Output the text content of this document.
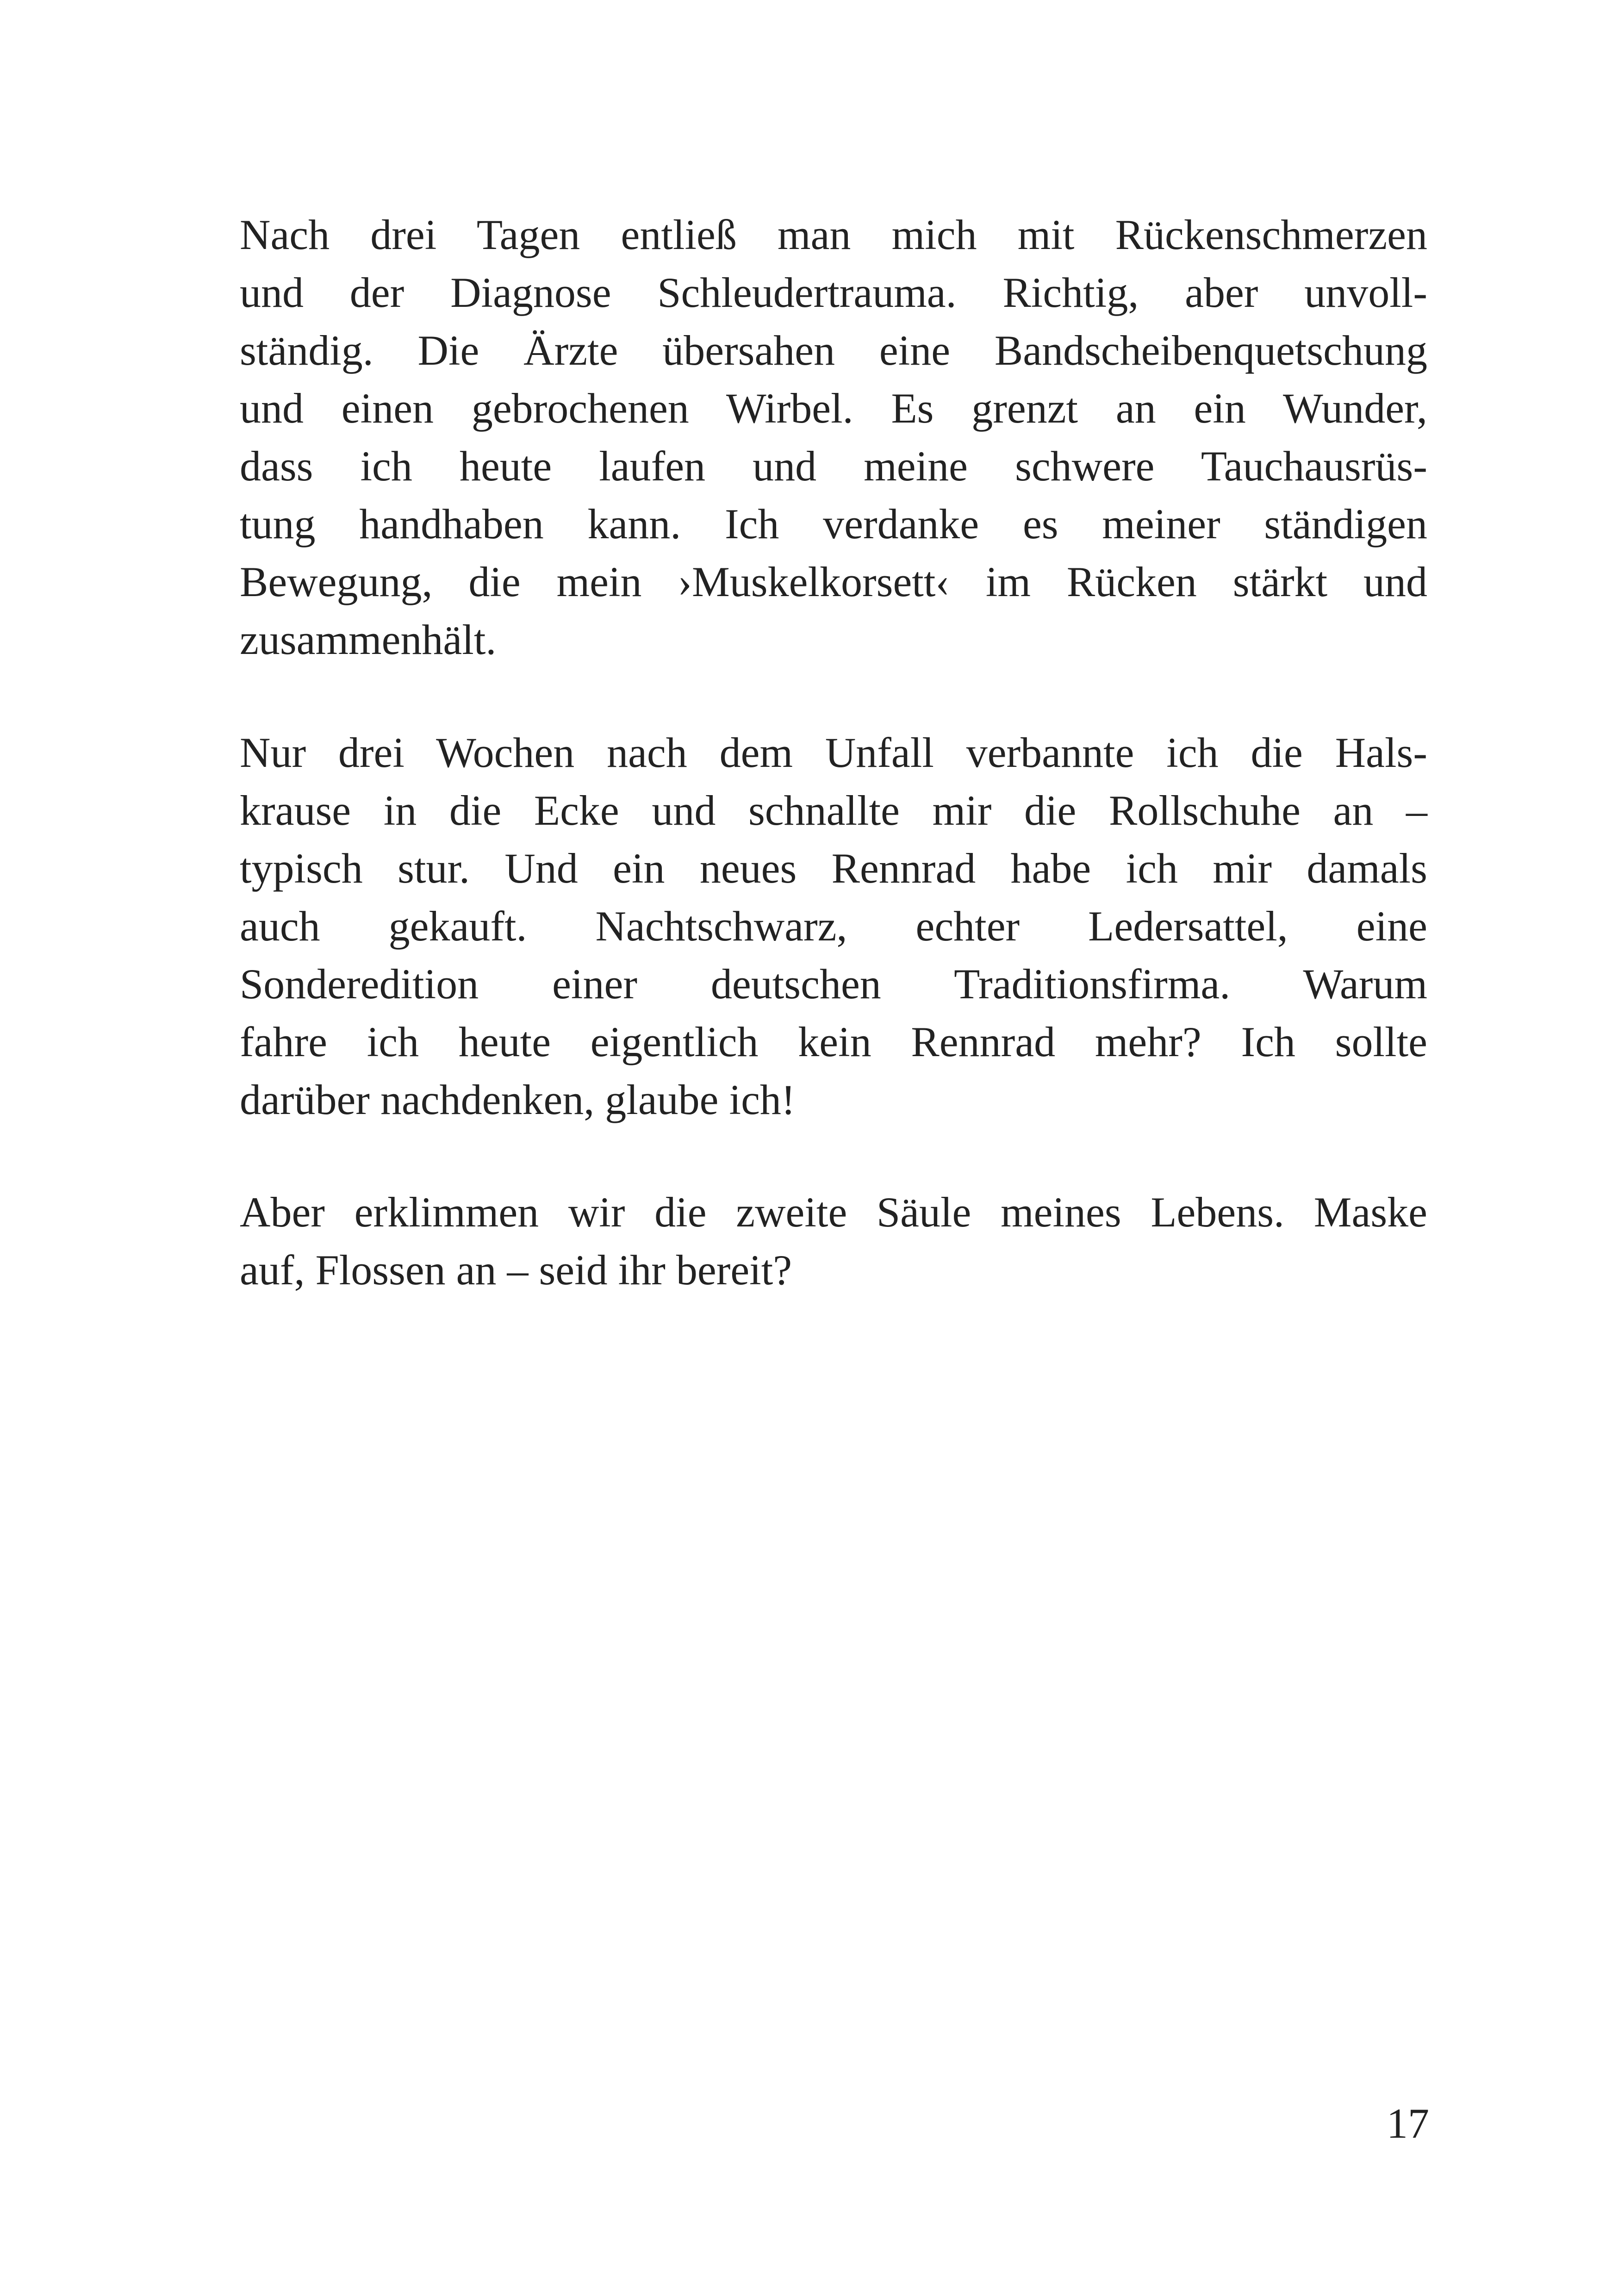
Nach drei Tagen entließ man mich mit Rückenschmerzen
und der Diagnose Schleudertrauma. Richtig, aber unvoll-
ständig. Die Ärzte übersahen eine Bandscheibenquetschung
und einen gebrochenen Wirbel. Es grenzt an ein Wunder,
dass ich heute laufen und meine schwere Tauchausrüs-
tung handhaben kann. Ich verdanke es meiner ständigen
Bewegung, die mein ›Muskelkorsett‹ im Rücken stärkt und
zusammenhält.
Nur drei Wochen nach dem Unfall verbannte ich die Hals-
krause in die Ecke und schnallte mir die Rollschuhe an –
typisch stur. Und ein neues Rennrad habe ich mir damals
auch gekauft. Nachtschwarz, echter Ledersattel, eine
Sonderedition einer deutschen Traditionsfirma. Warum
fahre ich heute eigentlich kein Rennrad mehr? Ich sollte
darüber nachdenken, glaube ich!
Aber erklimmen wir die zweite Säule meines Lebens. Maske
auf, Flossen an – seid ihr bereit?
17
